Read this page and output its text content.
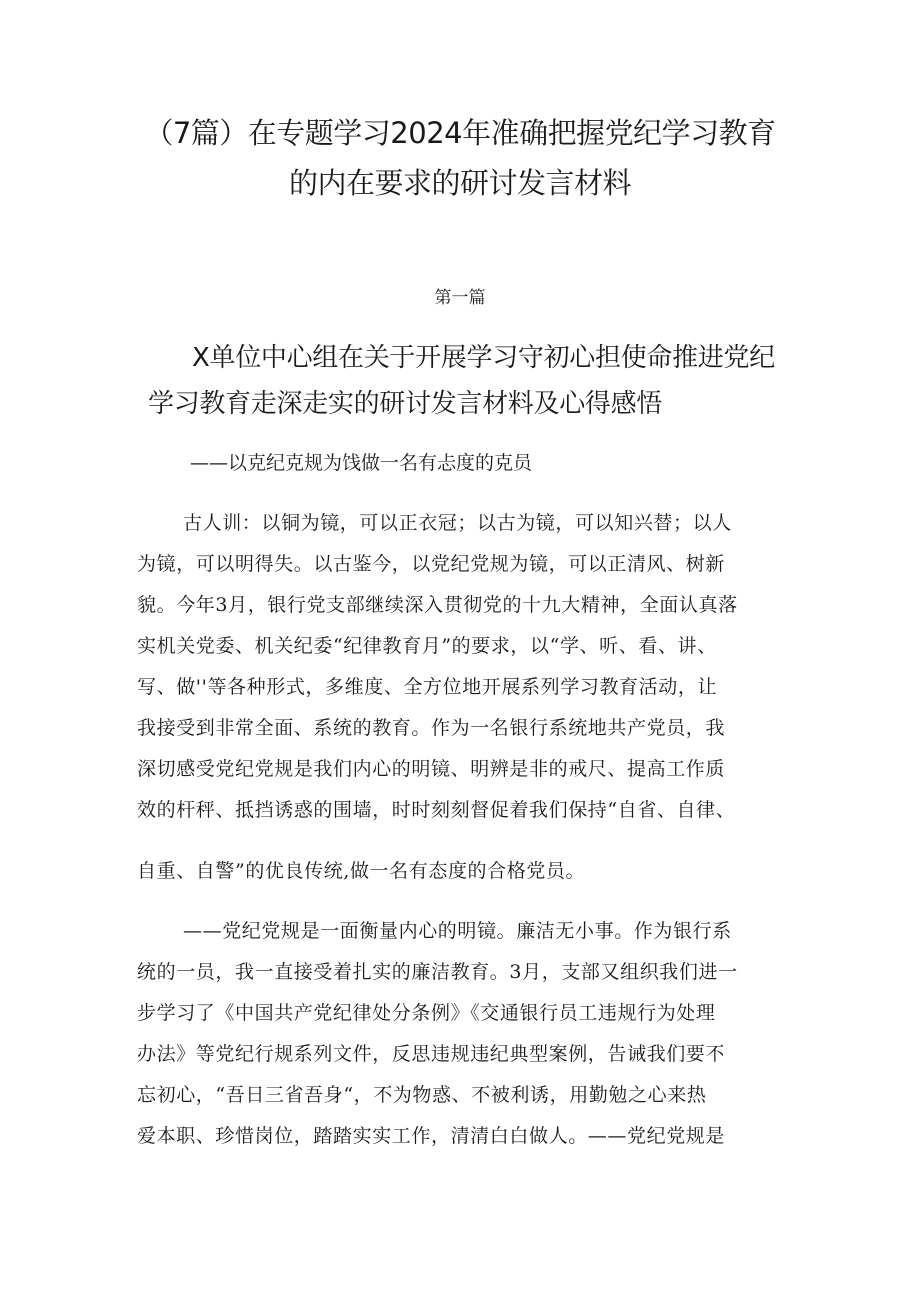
（7篇）在专题学习2024年准确把握党纪学习教育
的内在要求的研讨发言材料
第一篇
X单位中心组在关于开展学习守初心担使命推进党纪
学习教育走深走实的研讨发言材料及心得感悟
——以克纪克规为饯做一名有忐度的克员
古人训：以铜为镜，可以正衣冠；以古为镜，可以知兴替；以人
为镜，可以明得失。以古鉴今，以党纪党规为镜，可以正清风、树新
貌。今年3月，银行党支部继续深入贯彻党的十九大精神，全面认真落
实机关党委、机关纪委“纪律教育月”的要求，以“学、听、看、讲、
写、做''等各种形式，多维度、全方位地开展系列学习教育活动，让
我接受到非常全面、系统的教育。作为一名银行系统地共产党员，我
深切感受党纪党规是我们内心的明镜、明辨是非的戒尺、提高工作质
效的杆秤、抵挡诱惑的围墙，时时刻刻督促着我们保持“自省、自律、
自重、自警”的优良传统,做一名有态度的合格党员。
——党纪党规是一面衡量内心的明镜。廉洁无小事。作为银行系
统的一员，我一直接受着扎实的廉洁教育。3月，支部又组织我们进一
步学习了《中国共产党纪律处分条例》《交通银行员工违规行为处理
办法》等党纪行规系列文件，反思违规违纪典型案例，告诫我们要不
忘初心，“吾日三省吾身“，不为物惑、不被利诱，用勤勉之心来热
爱本职、珍惜岗位，踏踏实实工作，清清白白做人。——党纪党规是
